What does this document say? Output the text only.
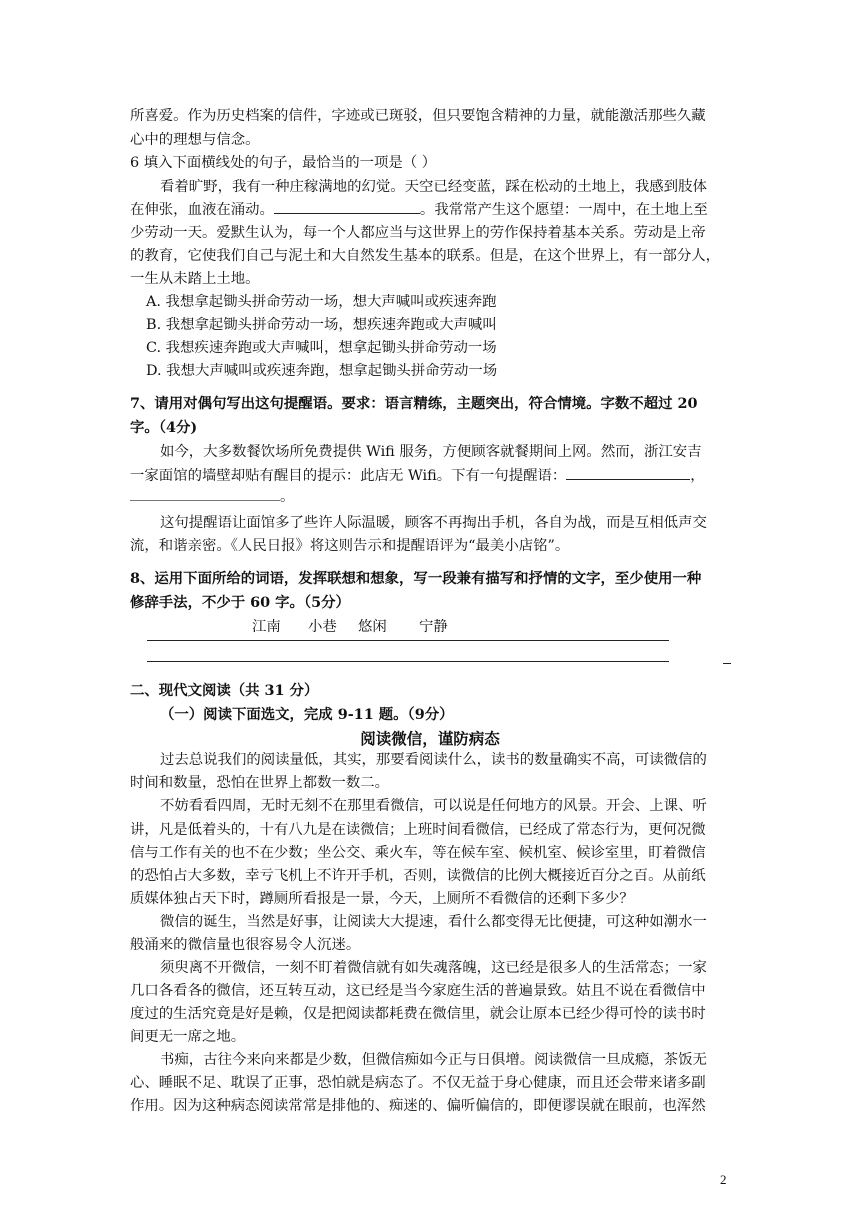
所喜爱。作为历史档案的信件，字迹或已斑驳，但只要饱含精神的力量，就能激活那些久藏
心中的理想与信念。
6 填入下面横线处的句子，最恰当的一项是（ ）
看着旷野，我有一种庄稼满地的幻觉。天空已经变蓝，踩在松动的土地上，我感到肢体
在伸张，血液在涌动。	。我常常产生这个愿望：一周中，在土地上至
少劳动一天。爱默生认为，每一个人都应当与这世界上的劳作保持着基本关系。劳动是上帝
的教育，它使我们自己与泥土和大自然发生基本的联系。但是，在这个世界上，有一部分人，
一生从未踏上土地。
A. 我想拿起锄头拼命劳动一场，想大声喊叫或疾速奔跑
B. 我想拿起锄头拼命劳动一场，想疾速奔跑或大声喊叫
C. 我想疾速奔跑或大声喊叫，想拿起锄头拼命劳动一场
D. 我想大声喊叫或疾速奔跑，想拿起锄头拼命劳动一场
7、请用对偶句写出这句提醒语。要求：语言精练，主题突出，符合情境。字数不超过 20
字。（4分)
如今，大多数餐饮场所免费提供 Wifi 服务，方便顾客就餐期间上网。然而，浙江安吉
一家面馆的墙壁却贴有醒目的提示：此店无 Wifi。下有一句提醒语：	，
。
这句提醒语让面馆多了些许人际温暖，顾客不再掏出手机，各自为战，而是互相低声交
流，和谐亲密。《人民日报》将这则告示和提醒语评为“最美小店铭”。
8、运用下面所给的词语，发挥联想和想象，写一段兼有描写和抒情的文字，至少使用一种
修辞手法，不少于 60 字。（5分）
江南 小巷 悠闲 宁静
二、现代文阅读（共 31 分）
（一）阅读下面选文，完成 9-11 题。（9分）
阅读微信，谨防病态
过去总说我们的阅读量低，其实，那要看阅读什么，读书的数量确实不高，可读微信的
时间和数量，恐怕在世界上都数一数二。
不妨看看四周，无时无刻不在那里看微信，可以说是任何地方的风景。开会、上课、听
讲，凡是低着头的，十有八九是在读微信；上班时间看微信，已经成了常态行为，更何况微
信与工作有关的也不在少数；坐公交、乘火车，等在候车室、候机室、候诊室里，盯着微信
的恐怕占大多数，幸亏飞机上不许开手机，否则，读微信的比例大概接近百分之百。从前纸
质媒体独占天下时，蹲厕所看报是一景，今天，上厕所不看微信的还剩下多少？
微信的诞生，当然是好事，让阅读大大提速，看什么都变得无比便捷，可这种如潮水一
般涌来的微信量也很容易令人沉迷。
须臾离不开微信，一刻不盯着微信就有如失魂落魄，这已经是很多人的生活常态；一家
几口各看各的微信，还互转互动，这已经是当今家庭生活的普遍景致。姑且不说在看微信中
度过的生活究竟是好是赖，仅是把阅读都耗费在微信里，就会让原本已经少得可怜的读书时
间更无一席之地。
书痴，古往今来向来都是少数，但微信痴如今正与日俱增。阅读微信一旦成瘾，茶饭无
心、睡眠不足、耽误了正事，恐怕就是病态了。不仅无益于身心健康，而且还会带来诸多副
作用。因为这种病态阅读常常是排他的、痴迷的、偏听偏信的，即便谬误就在眼前，也浑然
2
